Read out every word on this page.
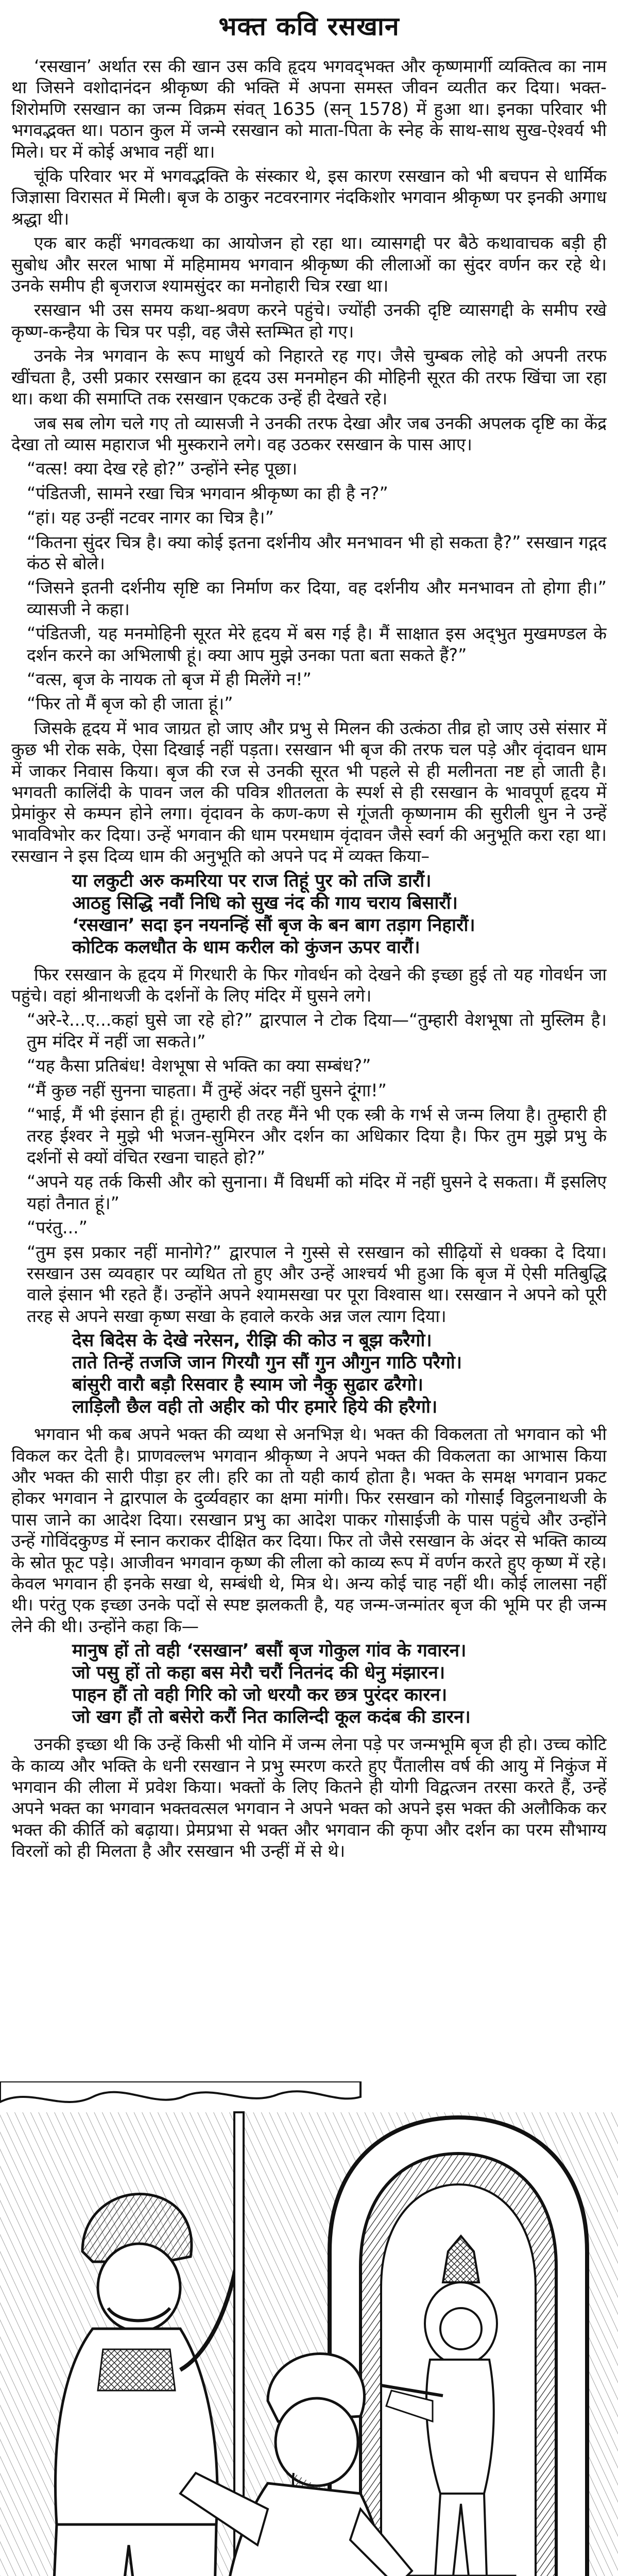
भक्त कवि रसखान

‘रसखान’ अर्थात रस की खान उस कवि हृदय भगवद्‌भक्त और कृष्णमार्गी व्यक्तित्व का नाम था जिसने वशोदानंदन श्रीकृष्ण की भक्ति में अपना समस्त जीवन व्यतीत कर दिया। भक्त-शिरोमणि रसखान का जन्म विक्रम संवत्‌ 1635 (सन्‌ 1578) में हुआ था। इनका परिवार भी भगवद्भक्त था। पठान कुल में जन्मे रसखान को माता-पिता के स्नेह के साथ-साथ सुख-ऐश्वर्य भी मिले। घर में कोई अभाव नहीं था।

चूंकि परिवार भर में भगवद्भक्ति के संस्कार थे, इस कारण रसखान को भी बचपन से धार्मिक जिज्ञासा विरासत में मिली। बृज के ठाकुर नटवरनागर नंदकिशोर भगवान श्रीकृष्ण पर इनकी अगाध श्रद्धा थी।

एक बार कहीं भगवत्कथा का आयोजन हो रहा था। व्यासगद्दी पर बैठे कथावाचक बड़ी ही सुबोध और सरल भाषा में महिमामय भगवान श्रीकृष्ण की लीलाओं का सुंदर वर्णन कर रहे थे। उनके समीप ही बृजराज श्यामसुंदर का मनोहारी चित्र रखा था।

रसखान भी उस समय कथा-श्रवण करने पहुंचे। ज्योंही उनकी दृष्टि व्यासगद्दी के समीप रखे कृष्ण-कन्हैया के चित्र पर पड़ी, वह जैसे स्तम्भित हो गए।

उनके नेत्र भगवान के रूप माधुर्य को निहारते रह गए। जैसे चुम्बक लोहे को अपनी तरफ खींचता है, उसी प्रकार रसखान का हृदय उस मनमोहन की मोहिनी सूरत की तरफ खिंचा जा रहा था। कथा की समाप्ति तक रसखान एकटक उन्हें ही देखते रहे।

जब सब लोग चले गए तो व्यासजी ने उनकी तरफ देखा और जब उनकी अपलक दृष्टि का केंद्र देखा तो व्यास महाराज भी मुस्कराने लगे। वह उठकर रसखान के पास आए।

“वत्स! क्या देख रहे हो?” उन्होंने स्नेह पूछा।

“पंडितजी, सामने रखा चित्र भगवान श्रीकृष्ण का ही है न?”

“हां। यह उन्हीं नटवर नागर का चित्र है।”

“कितना सुंदर चित्र है। क्या कोई इतना दर्शनीय और मनभावन भी हो सकता है?” रसखान गद्गद कंठ से बोले।

“जिसने इतनी दर्शनीय सृष्टि का निर्माण कर दिया, वह दर्शनीय और मनभावन तो होगा ही।” व्यासजी ने कहा।

“पंडितजी, यह मनमोहिनी सूरत मेरे हृदय में बस गई है। मैं साक्षात इस अद्‌भुत मुखमण्डल के दर्शन करने का अभिलाषी हूं। क्या आप मुझे उनका पता बता सकते हैं?”

“वत्स, बृज के नायक तो बृज में ही मिलेंगे न!”

“फिर तो मैं बृज को ही जाता हूं।”

जिसके हृदय में भाव जाग्रत हो जाए और प्रभु से मिलन की उत्कंठा तीव्र हो जाए उसे संसार में कुछ भी रोक सके, ऐसा दिखाई नहीं पड़ता। रसखान भी बृज की तरफ चल पड़े और वृंदावन धाम में जाकर निवास किया। बृज की रज से उनकी सूरत भी पहले से ही मलीनता नष्ट हो जाती है। भगवती कालिंदी के पावन जल की पवित्र शीतलता के स्पर्श से ही रसखान के भावपूर्ण हृदय में प्रेमांकुर से कम्पन होने लगा। वृंदावन के कण-कण से गूंजती कृष्णनाम की सुरीली धुन ने उन्हें भावविभोर कर दिया। उन्हें भगवान की धाम परमधाम वृंदावन जैसे स्वर्ग की अनुभूति करा रहा था। रसखान ने इस दिव्य धाम की अनुभूति को अपने पद में व्यक्त किया–

या लकुटी अरु कमरिया पर राज तिहूं पुर को तजि डारौं।
आठहु सिद्धि नवौं निधि को सुख नंद की गाय चराय बिसारौं।
‘रसखान’ सदा इन नयनन्हिं सौं बृज के बन बाग तड़ाग निहारौं।
कोटिक कलधौत के धाम करील को कुंजन ऊपर वारौं।

फिर रसखान के हृदय में गिरधारी के फिर गोवर्धन को देखने की इच्छा हुई तो यह गोवर्धन जा पहुंचे। वहां श्रीनाथजी के दर्शनों के लिए मंदिर में घुसने लगे।

“अरे-रे...ए...कहां घुसे जा रहे हो?” द्वारपाल ने टोक दिया—“तुम्हारी वेशभूषा तो मुस्लिम है। तुम मंदिर में नहीं जा सकते।”

“यह कैसा प्रतिबंध! वेशभूषा से भक्ति का क्या सम्बंध?”

“मैं कुछ नहीं सुनना चाहता। मैं तुम्हें अंदर नहीं घुसने दूंगा!”

“भाई, मैं भी इंसान ही हूं। तुम्हारी ही तरह मैंने भी एक स्त्री के गर्भ से जन्म लिया है। तुम्हारी ही तरह ईश्वर ने मुझे भी भजन-सुमिरन और दर्शन का अधिकार दिया है। फिर तुम मुझे प्रभु के दर्शनों से क्यों वंचित रखना चाहते हो?”

“अपने यह तर्क किसी और को सुनाना। मैं विधर्मी को मंदिर में नहीं घुसने दे सकता। मैं इसलिए यहां तैनात हूं।”

“परंतु...”

“तुम इस प्रकार नहीं मानोगे?” द्वारपाल ने गुस्से से रसखान को सीढ़ियों से धक्का दे दिया। रसखान उस व्यवहार पर व्यथित तो हुए और उन्हें आश्चर्य भी हुआ कि बृज में ऐसी मतिबुद्धि वाले इंसान भी रहते हैं। उन्होंने अपने श्यामसखा पर पूरा विश्वास था। रसखान ने अपने को पूरी तरह से अपने सखा कृष्ण सखा के हवाले करके अन्न जल त्याग दिया।

देस बिदेस के देखे नरेसन, रीझि की कोउ न बूझ करैगो।
ताते तिन्हें तजजि जान गिरयौ गुन सौं गुन औगुन गाठि परैगो।
बांसुरी वारौ बड़ौ रिसवार है स्याम जो नैकु सुढार ढरैगो।
लाड़िलौ छैल वही तो अहीर को पीर हमारे हिये की हरैगो।

भगवान भी कब अपने भक्त की व्यथा से अनभिज्ञ थे। भक्त की विकलता तो भगवान को भी विकल कर देती है। प्राणवल्लभ भगवान श्रीकृष्ण ने अपने भक्त की विकलता का आभास किया और भक्त की सारी पीड़ा हर ली। हरि का तो यही कार्य होता है। भक्त के समक्ष भगवान प्रकट होकर भगवान ने द्वारपाल के दुर्व्यवहार का क्षमा मांगी। फिर रसखान को गोसाईं विट्ठलनाथजी के पास जाने का आदेश दिया। रसखान प्रभु का आदेश पाकर गोसाईजी के पास पहुंचे और उन्होंने उन्हें गोविंदकुण्ड में स्नान कराकर दीक्षित कर दिया। फिर तो जैसे रसखान के अंदर से भक्ति काव्य के स्रोत फूट पड़े। आजीवन भगवान कृष्ण की लीला को काव्य रूप में वर्णन करते हुए कृष्ण में रहे। केवल भगवान ही इनके सखा थे, सम्बंधी थे, मित्र थे। अन्य कोई चाह नहीं थी। कोई लालसा नहीं थी। परंतु एक इच्छा उनके पदों से स्पष्ट झलकती है, यह जन्म-जन्मांतर बृज की भूमि पर ही जन्म लेने की थी। उन्होंने कहा कि—

मानुष हों तो वही ‘रसखान’ बसौं बृज गोकुल गांव के गवारन।
जो पसु हों तो कहा बस मेरौ चरौं नितनंद की धेनु मंझारन।
पाहन हौं तो वही गिरि को जो धरयौ कर छत्र पुरंदर कारन।
जो खग हौं तो बसेरो करौं नित कालिन्दी कूल कदंब की डारन।

उनकी इच्छा थी कि उन्हें किसी भी योनि में जन्म लेना पड़े पर जन्मभूमि बृज ही हो। उच्च कोटि के काव्य और भक्ति के धनी रसखान ने प्रभु स्मरण करते हुए पैंतालीस वर्ष की आयु में निकुंज में भगवान की लीला में प्रवेश किया। भक्तों के लिए कितने ही योगी विद्वत्जन तरसा करते हैं, उन्हें अपने भक्त का भगवान भक्तवत्सल भगवान ने अपने भक्त को अपने इस भक्त की अलौकिक कर भक्त की कीर्ति को बढ़ाया। प्रेमप्रभा से भक्त और भगवान की कृपा और दर्शन का परम सौभाग्य विरलों को ही मिलता है और रसखान भी उन्हीं में से थे।
